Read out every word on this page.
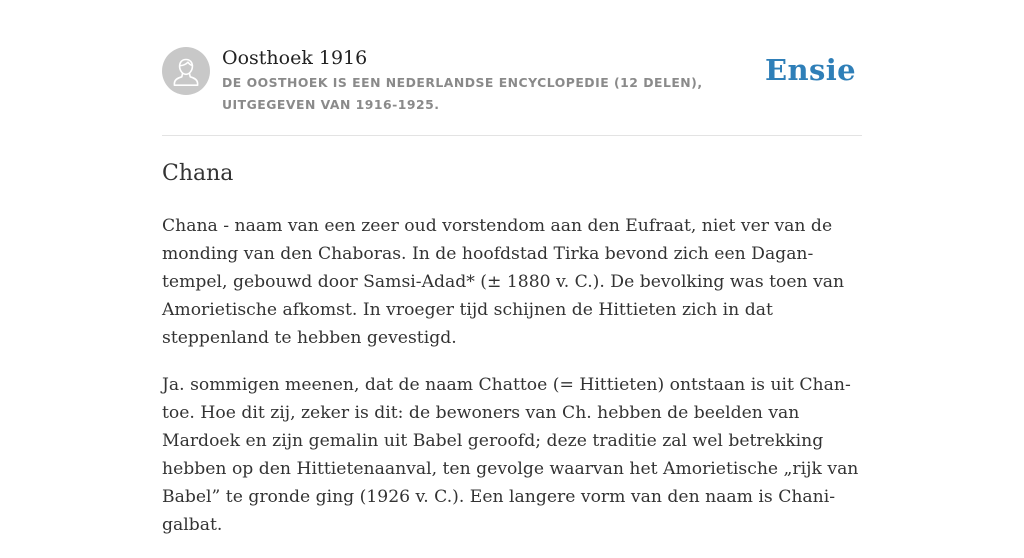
Oosthoek 1916
DE OOSTHOEK IS EEN NEDERLANDSE ENCYCLOPEDIE (12 DELEN), UITGEGEVEN VAN 1916-1925.
Ensie
Chana

Chana - naam van een zeer oud vorstendom aan den Eufraat, niet ver van de monding van den Chaboras. In de hoofdstad Tirka bevond zich een Dagan-tempel, gebouwd door Samsi-Adad* (± 1880 v. C.). De bevolking was toen van Amorietische afkomst. In vroeger tijd schijnen de Hittieten zich in dat steppenland te hebben gevestigd.

Ja. sommigen meenen, dat de naam Chattoe (= Hittieten) ontstaan is uit Chan-toe. Hoe dit zij, zeker is dit: de bewoners van Ch. hebben de beelden van Mardoek en zijn gemalin uit Babel geroofd; deze traditie zal wel betrekking hebben op den Hittietenaanval, ten gevolge waarvan het Amorietische „rijk van Babel” te gronde ging (1926 v. C.). Een langere vorm van den naam is Chani-galbat.
